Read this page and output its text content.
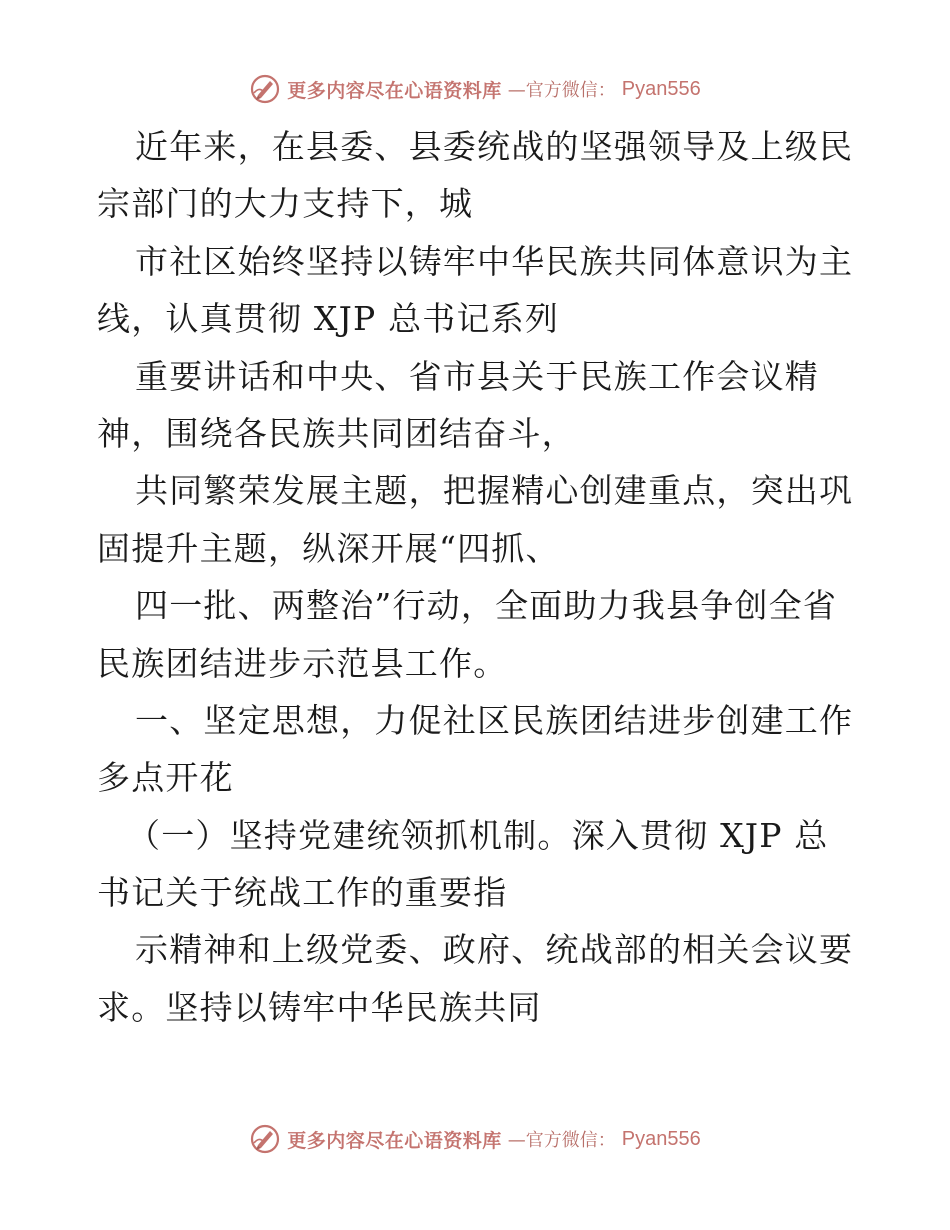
更多内容尽在心语资料库 —官方微信： Pyan556
近年来，在县委、县委统战的坚强领导及上级民
宗部门的大力支持下，城
市社区始终坚持以铸牢中华民族共同体意识为主
线，认真贯彻 XJP 总书记系列
重要讲话和中央、省市县关于民族工作会议精
神，围绕各民族共同团结奋斗，
共同繁荣发展主题，把握精心创建重点，突出巩
固提升主题，纵深开展“四抓、
四一批、两整治”行动，全面助力我县争创全省
民族团结进步示范县工作。
一、坚定思想，力促社区民族团结进步创建工作
多点开花
（一）坚持党建统领抓机制。深入贯彻 XJP 总
书记关于统战工作的重要指
示精神和上级党委、政府、统战部的相关会议要
求。坚持以铸牢中华民族共同
更多内容尽在心语资料库 —官方微信： Pyan556
